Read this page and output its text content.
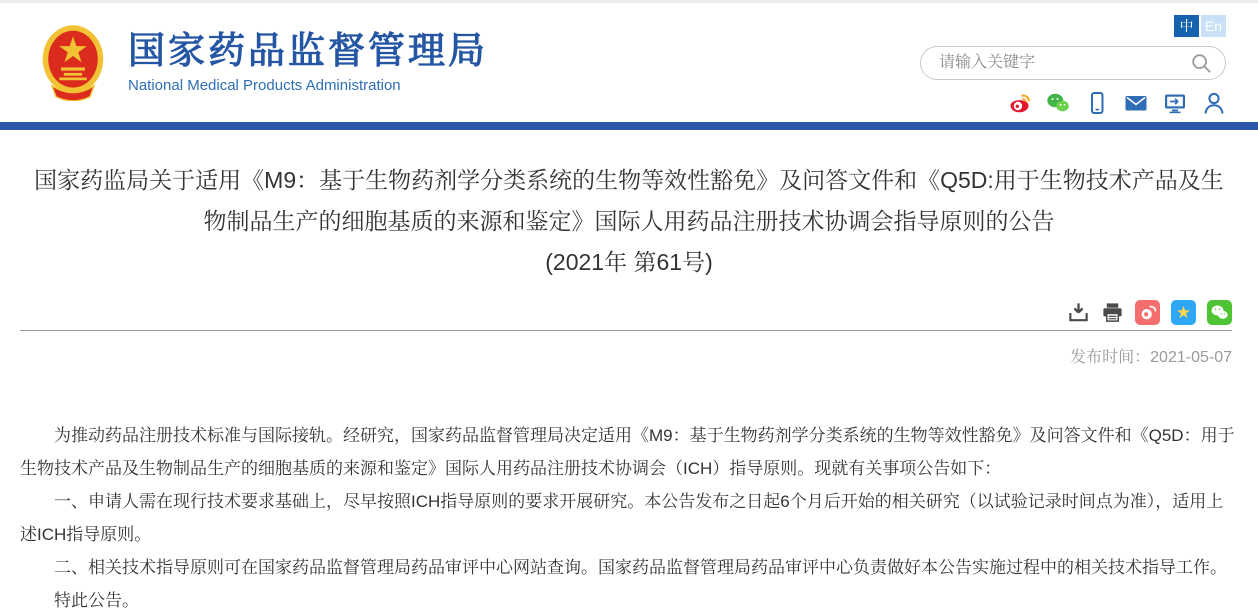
国家药品监督管理局
National Medical Products Administration
中 En
请输入关键字
国家药监局关于适用《M9：基于生物药剂学分类系统的生物等效性豁免》及问答文件和《Q5D:用于生物技术产品及生物制品生产的细胞基质的来源和鉴定》国际人用药品注册技术协调会指导原则的公告
(2021年 第61号)
★
发布时间：2021-05-07

为推动药品注册技术标准与国际接轨。经研究，国家药品监督管理局决定适用《M9：基于生物药剂学分类系统的生物等效性豁免》及问答文件和《Q5D：用于生物技术产品及生物制品生产的细胞基质的来源和鉴定》国际人用药品注册技术协调会（ICH）指导原则。现就有关事项公告如下：

一、申请人需在现行技术要求基础上，尽早按照ICH指导原则的要求开展研究。本公告发布之日起6个月后开始的相关研究（以试验记录时间点为准），适用上述ICH指导原则。

二、相关技术指导原则可在国家药品监督管理局药品审评中心网站查询。国家药品监督管理局药品审评中心负责做好本公告实施过程中的相关技术指导工作。

特此公告。
